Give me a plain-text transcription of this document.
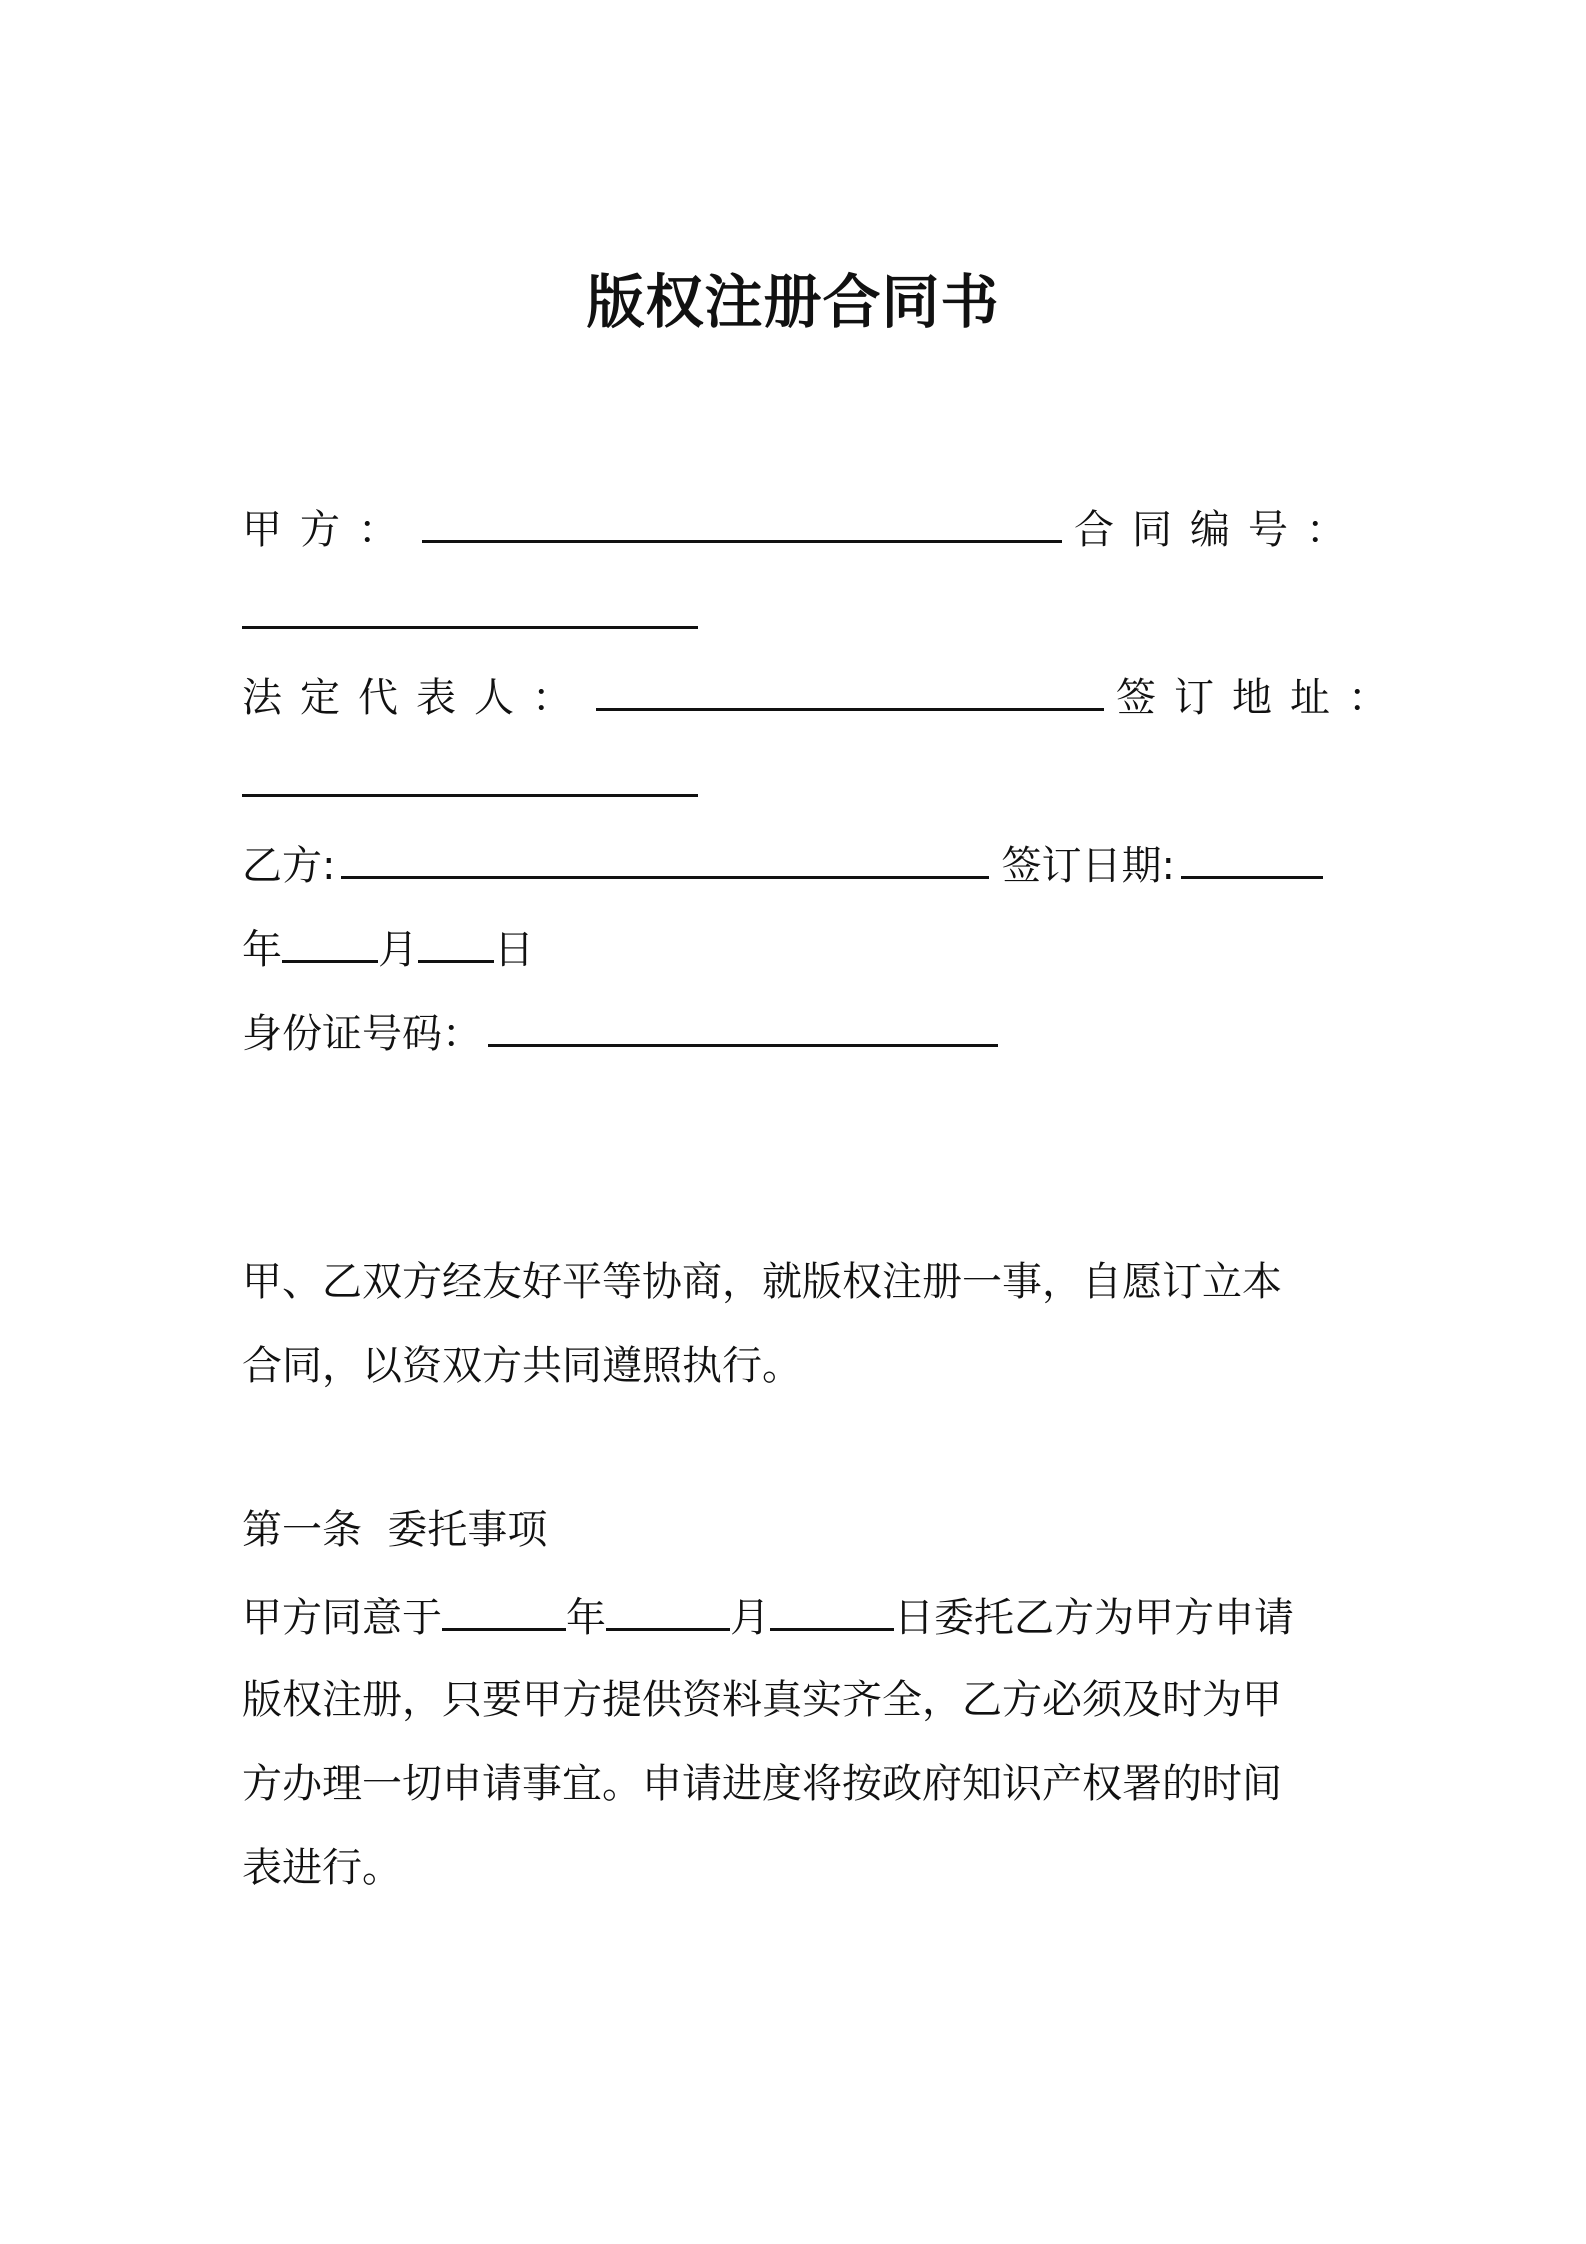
版权注册合同书
甲方：	合同编号：
法定代表人：	签订地址：
乙方:	签订日期:
年 月 日
身份证号码：
甲、乙双方经友好平等协商，就版权注册一事，自愿订立本
合同，以资双方共同遵照执行。
第一条  委托事项
甲方同意于	年	月	日委托乙方为甲方申请
版权注册，只要甲方提供资料真实齐全，乙方必须及时为甲
方办理一切申请事宜。申请进度将按政府知识产权署的时间
表进行。
